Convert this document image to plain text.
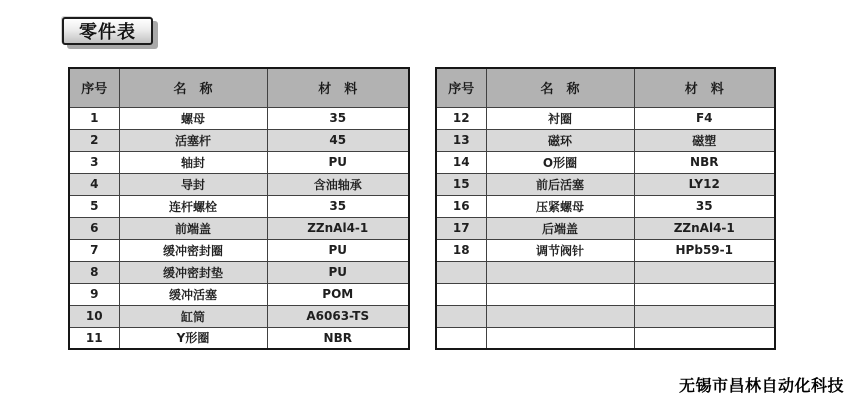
零件表
序号	名　称	材　料
1	螺母	35
2	活塞杆	45
3	轴封	PU
4	导封	含油轴承
5	连杆螺栓	35
6	前端盖	ZZnAl4-1
7	缓冲密封圈	PU
8	缓冲密封垫	PU
9	缓冲活塞	POM
10	缸筒	A6063-TS
11	Y形圈	NBR
序号	名　称	材　料
12	衬圈	F4
13	磁环	磁塑
14	O形圈	NBR
15	前后活塞	LY12
16	压紧螺母	35
17	后端盖	ZZnAl4-1
18	调节阀针	HPb59-1

无锡市昌林自动化科技
